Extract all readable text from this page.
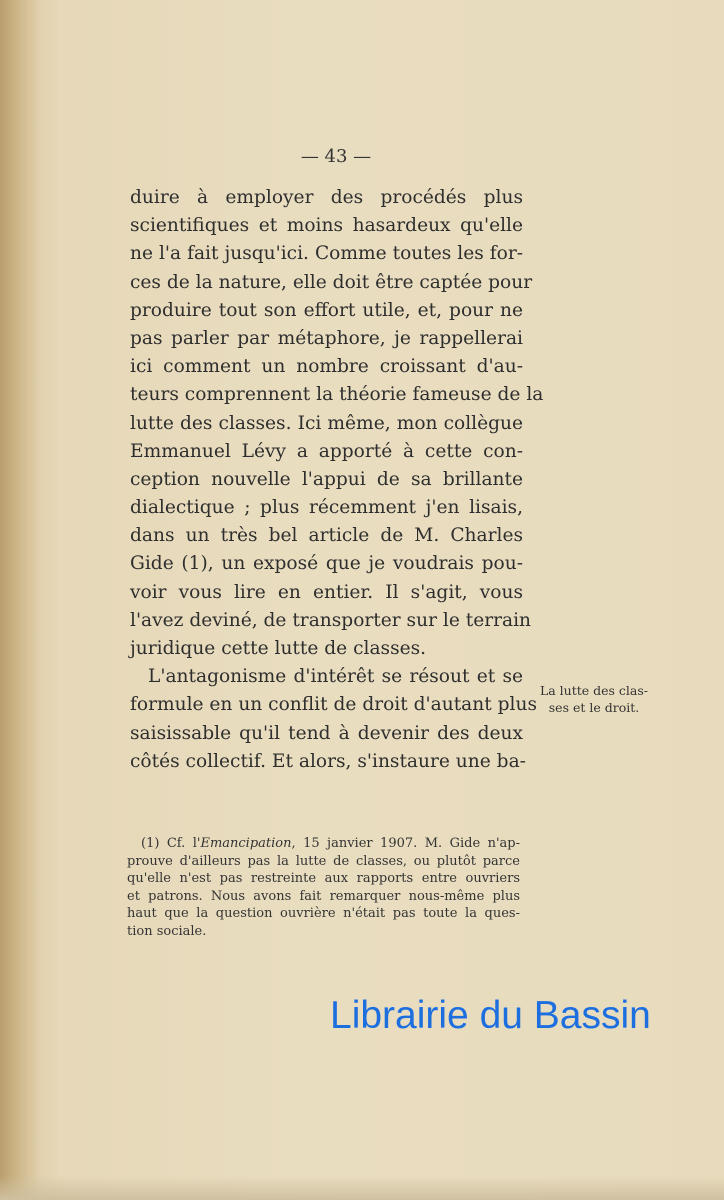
— 43 —
duire à employer des procédés plus
scientifiques et moins hasardeux qu'elle
ne l'a fait jusqu'ici. Comme toutes les for-
ces de la nature, elle doit être captée pour
produire tout son effort utile, et, pour ne
pas parler par métaphore, je rappellerai
ici comment un nombre croissant d'au-
teurs comprennent la théorie fameuse de la
lutte des classes. Ici même, mon collègue
Emmanuel Lévy a apporté à cette con-
ception nouvelle l'appui de sa brillante
dialectique ; plus récemment j'en lisais,
dans un très bel article de M. Charles
Gide (1), un exposé que je voudrais pou-
voir vous lire en entier. Il s'agit, vous
l'avez deviné, de transporter sur le terrain
juridique cette lutte de classes.
L'antagonisme d'intérêt se résout et se
formule en un conflit de droit d'autant plus
saisissable qu'il tend à devenir des deux
côtés collectif. Et alors, s'instaure une ba-
La lutte des clas-
ses et le droit.
(1) Cf. l'Emancipation, 15 janvier 1907. M. Gide n'ap-
prouve d'ailleurs pas la lutte de classes, ou plutôt parce
qu'elle n'est pas restreinte aux rapports entre ouvriers
et patrons. Nous avons fait remarquer nous-même plus
haut que la question ouvrière n'était pas toute la ques-
tion sociale.
Librairie du Bassin
